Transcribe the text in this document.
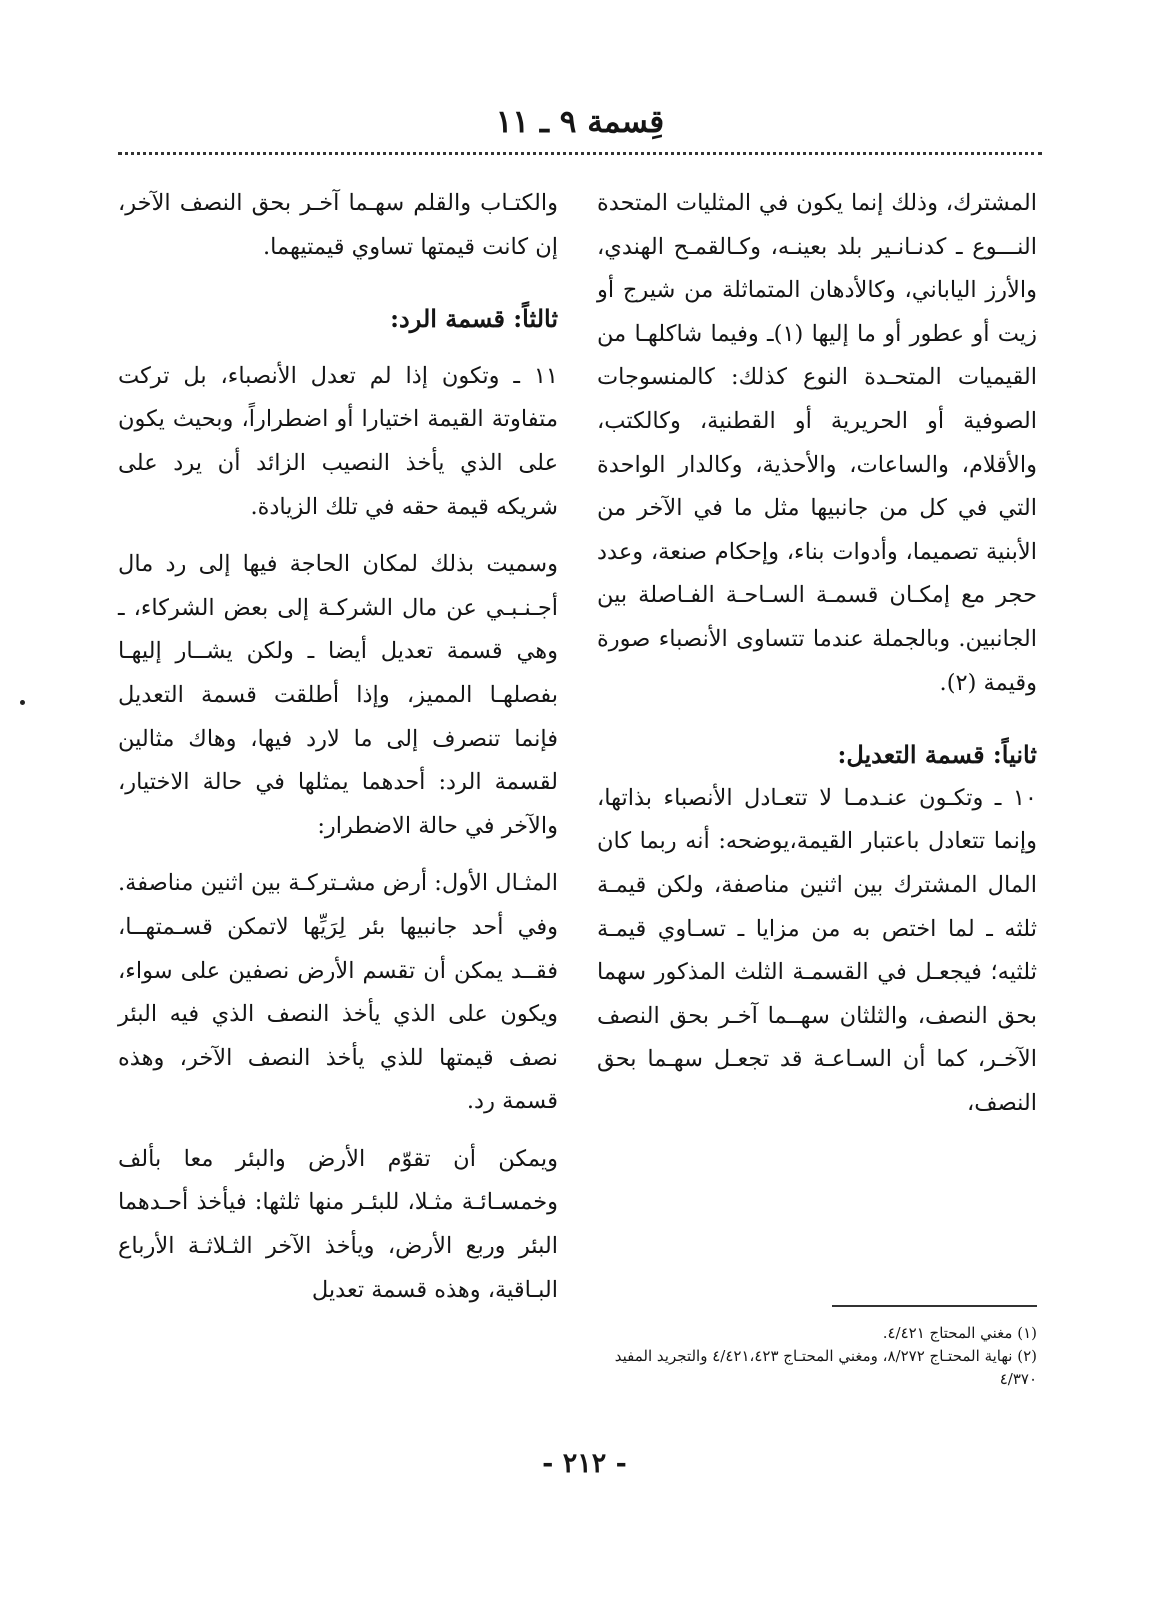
قِسمة ٩ ـ ١١

المشترك، وذلك إنما يكون في المثليات المتحدة النـــوع ـ كدنـانـير بلد بعينـه، وكـالقمـح الهندي، والأرز الياباني، وكالأدهان المتماثلة من شيرج أو زيت أو عطور أو ما إليها (١)ـ وفيما شاكلهـا من القيميات المتحـدة النوع كذلك: كالمنسوجات الصوفية أو الحريرية أو القطنية، وكالكتب، والأقلام، والساعات، والأحذية، وكالدار الواحدة التي في كل من جانبيها مثل ما في الآخر من الأبنية تصميما، وأدوات بناء، وإحكام صنعة، وعدد حجر مع إمكـان قسمـة السـاحـة الفـاصلة بين الجانبين. وبالجملة عندما تتساوى الأنصباء صورة وقيمة (٢).

ثانياً: قسمة التعديل:

١٠ ـ وتكـون عنـدمـا لا تتعـادل الأنصباء بذاتها، وإنما تتعادل باعتبار القيمة،يوضحه: أنه ربما كان المال المشترك بين اثنين مناصفة، ولكن قيمـة ثلثه ـ لما اختص به من مزايا ـ تسـاوي قيمـة ثلثيه؛ فيجعـل في القسمـة الثلث المذكور سهما بحق النصف، والثلثان سهــما آخـر بحق النصف الآخـر، كما أن السـاعـة قد تجعـل سهـما بحق النصف،

والكتـاب والقلم سهـما آخـر بحق النصف الآخر، إن كانت قيمتها تساوي قيمتيهما.

ثالثاً: قسمة الرد:

١١ ـ وتكون إذا لم تعدل الأنصباء، بل تركت متفاوتة القيمة اختيارا أو اضطراراً، وبحيث يكون على الذي يأخذ النصيب الزائد أن يرد على شريكه قيمة حقه في تلك الزيادة.

وسميت بذلك لمكان الحاجة فيها إلى رد مال أجـنـبـي عن مال الشركـة إلى بعض الشركاء، ـ وهي قسمة تعديل أيضا ـ ولكن يشــار إليهـا بفصلهـا المميز، وإذا أطلقت قسمة التعديل فإنما تنصرف إلى ما لارد فيها، وهاك مثالين لقسمة الرد: أحدهما يمثلها في حالة الاختيار، والآخر في حالة الاضطرار:

المثـال الأول: أرض مشـتركـة بين اثنين مناصفة. وفي أحد جانبيها بئر لِرَيِّها لاتمكن قسـمتهــا، فقــد يمكن أن تقسم الأرض نصفين على سواء، ويكون على الذي يأخذ النصف الذي فيه البئر نصف قيمتها للذي يأخذ النصف الآخر، وهذه قسمة رد.

ويمكن أن تقوّم الأرض والبئر معا بألف وخمسـائـة مثـلا، للبئـر منها ثلثها: فيأخذ أحـدهما البئر وربع الأرض، ويأخذ الآخر الثـلاثـة الأرباع البـاقية، وهذه قسمة تعديل

(١) مغني المحتاج ٤/٤٢١.
(٢) نهاية المحتـاج ٨/٢٧٢، ومغني المحتـاج ٤/٤٢١،٤٢٣ والتجريد المفيد ٤/٣٧٠
- ٢١٢ -
